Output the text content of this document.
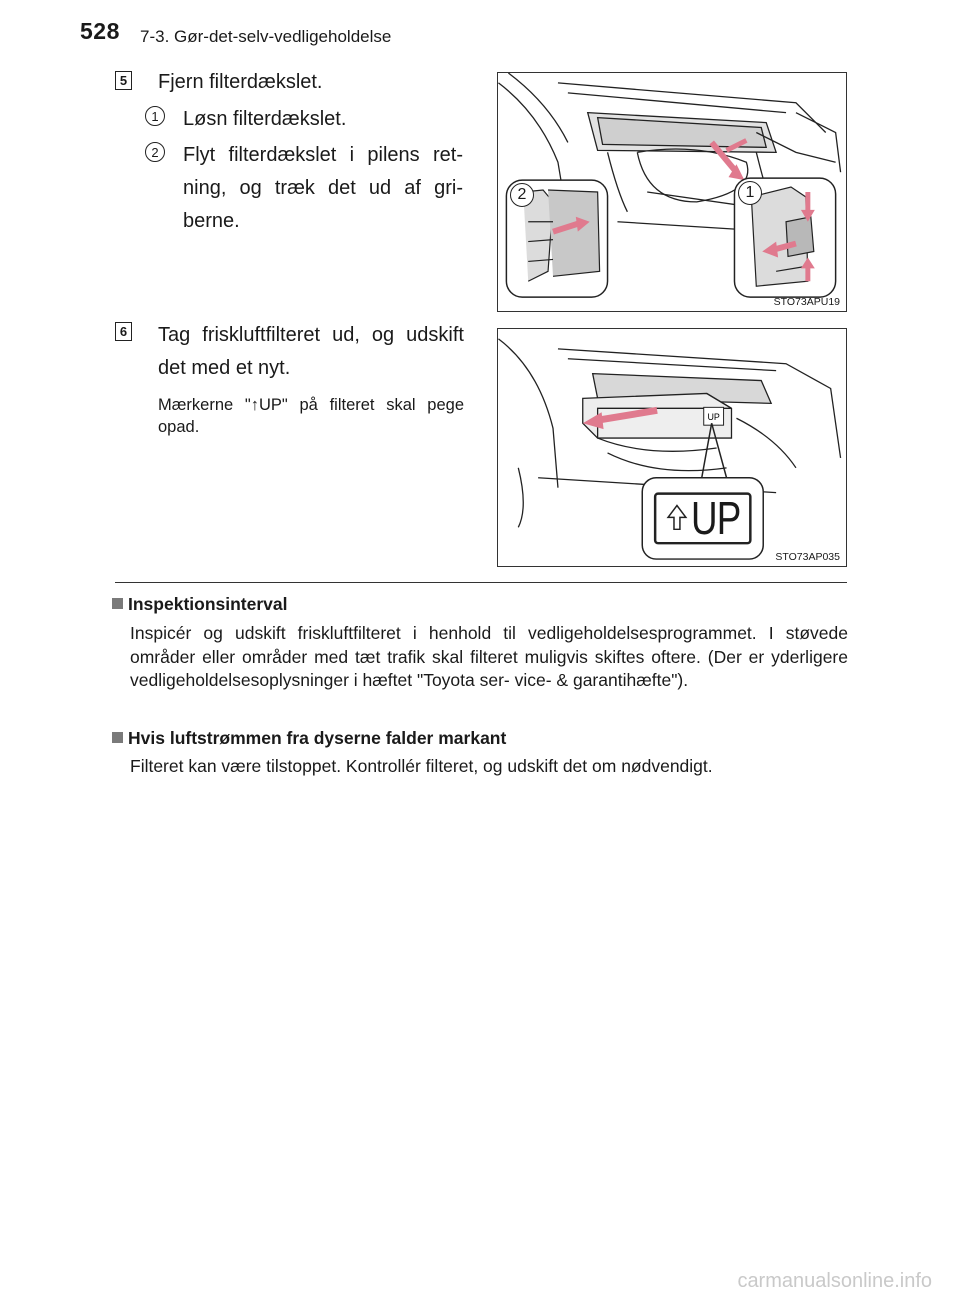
528 7-3. Gør-det-selv-vedligeholdelse
5 Fjern filterdækslet.
1	Løsn filterdækslet.
2	Flyt filterdækslet i pilens ret- ning, og træk det ud af gri- berne.
2	1
STO73APU19
6 Tag friskluftfilteret ud, og udskift det med et nyt.
Mærkerne "↑UP" på filteret skal pege opad.
UP
UP
STO73AP035
Inspektionsinterval
Inspicér og udskift friskluftfilteret i henhold til vedligeholdelsesprogrammet. I støvede områder eller områder med tæt trafik skal filteret muligvis skiftes oftere. (Der er yderligere vedligeholdelsesoplysninger i hæftet "Toyota ser- vice- & garantihæfte").
Hvis luftstrømmen fra dyserne falder markant
Filteret kan være tilstoppet. Kontrollér filteret, og udskift det om nødvendigt.
carmanualsonline.info
